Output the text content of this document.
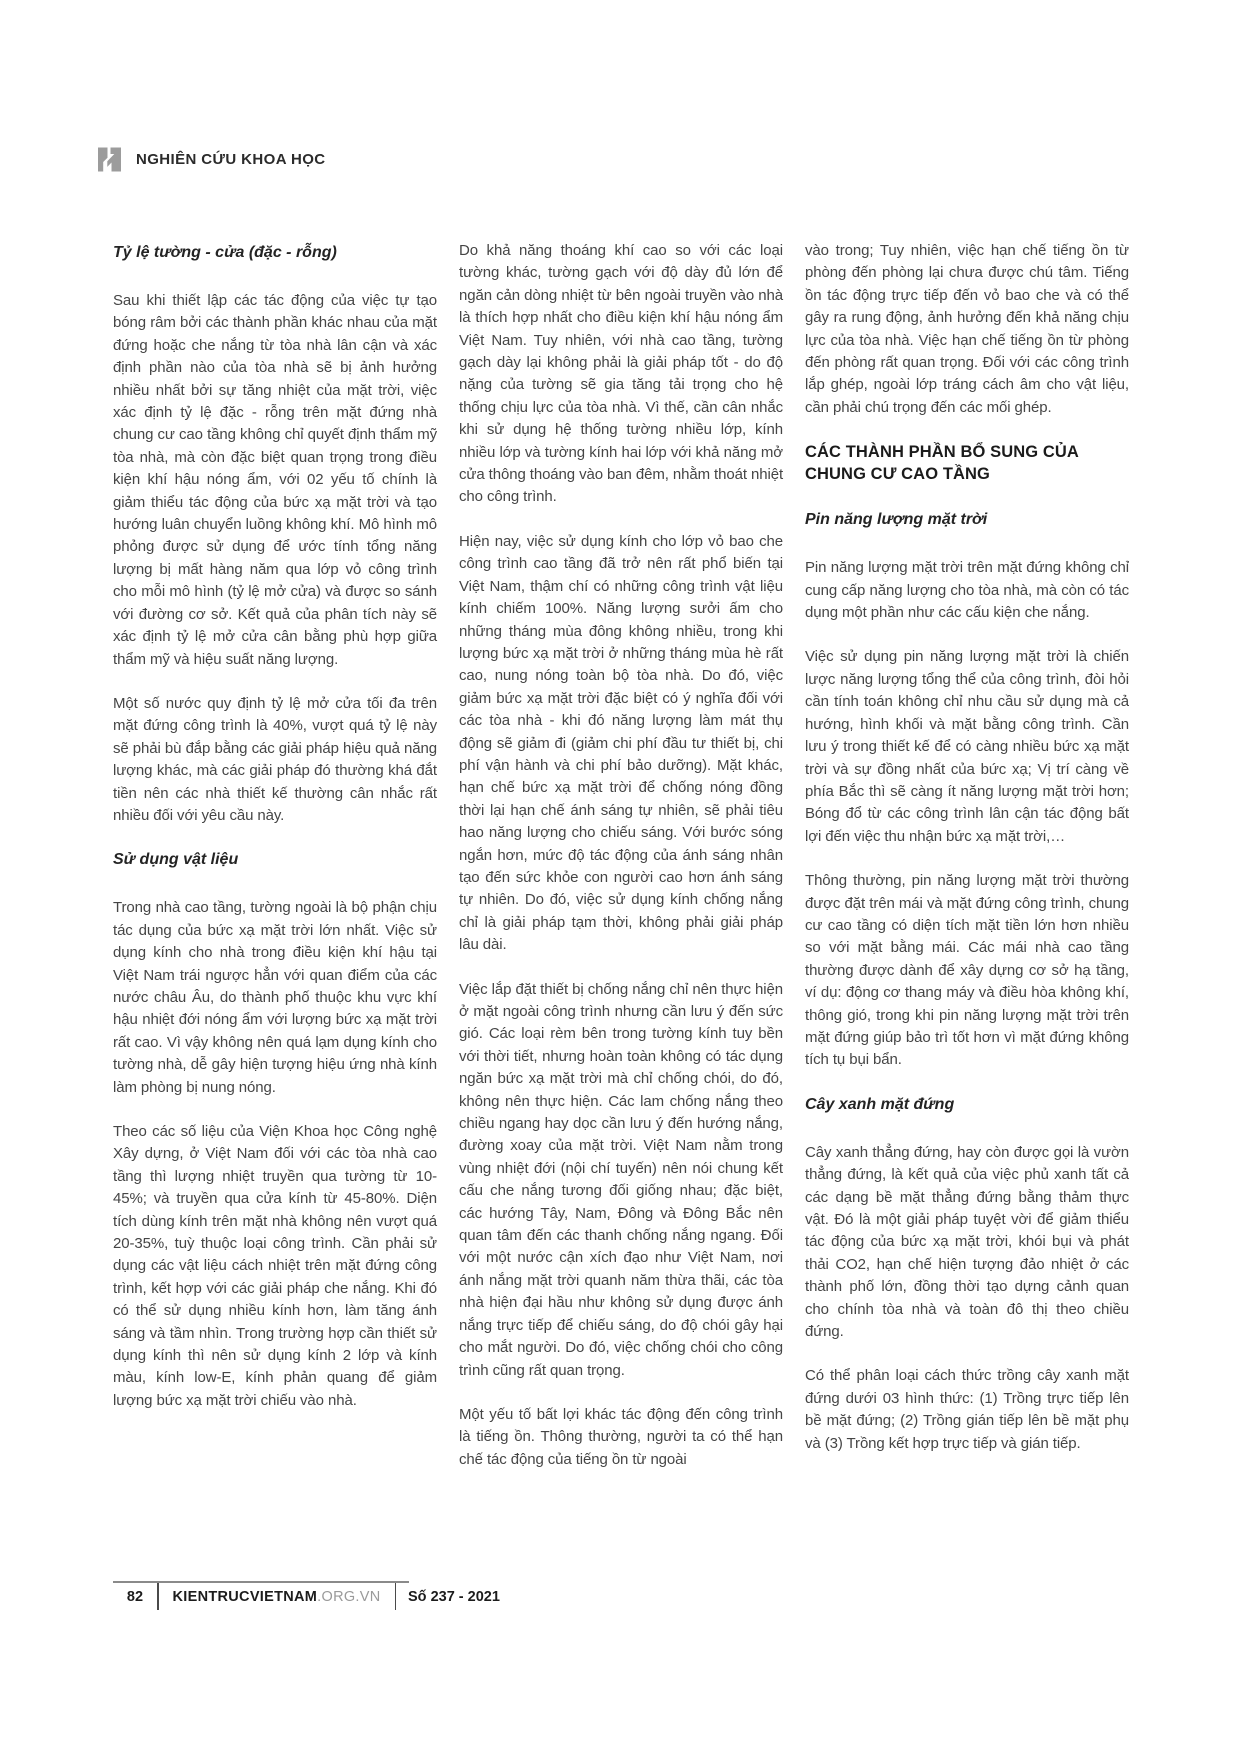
NGHIÊN CỨU KHOA HỌC
Tỷ lệ tường - cửa (đặc - rỗng)

Sau khi thiết lập các tác động của việc tự tạo bóng râm bởi các thành phần khác nhau của mặt đứng hoặc che nắng từ tòa nhà lân cận và xác định phần nào của tòa nhà sẽ bị ảnh hưởng nhiều nhất bởi sự tăng nhiệt của mặt trời, việc xác định tỷ lệ đặc - rỗng trên mặt đứng nhà chung cư cao tầng không chỉ quyết định thẩm mỹ tòa nhà, mà còn đặc biệt quan trọng trong điều kiện khí hậu nóng ẩm, với 02 yếu tố chính là giảm thiểu tác động của bức xạ mặt trời và tạo hướng luân chuyển luồng không khí. Mô hình mô phỏng được sử dụng để ước tính tổng năng lượng bị mất hàng năm qua lớp vỏ công trình cho mỗi mô hình (tỷ lệ mở cửa) và được so sánh với đường cơ sở. Kết quả của phân tích này sẽ xác định tỷ lệ mở cửa cân bằng phù hợp giữa thẩm mỹ và hiệu suất năng lượng.

Một số nước quy định tỷ lệ mở cửa tối đa trên mặt đứng công trình là 40%, vượt quá tỷ lệ này sẽ phải bù đắp bằng các giải pháp hiệu quả năng lượng khác, mà các giải pháp đó thường khá đắt tiền nên các nhà thiết kế thường cân nhắc rất nhiều đối với yêu cầu này.

Sử dụng vật liệu

Trong nhà cao tầng, tường ngoài là bộ phận chịu tác dụng của bức xạ mặt trời lớn nhất. Việc sử dụng kính cho nhà trong điều kiện khí hậu tại Việt Nam trái ngược hẳn với quan điểm của các nước châu Âu, do thành phố thuộc khu vực khí hậu nhiệt đới nóng ẩm với lượng bức xạ mặt trời rất cao. Vì vậy không nên quá lạm dụng kính cho tường nhà, dễ gây hiện tượng hiệu ứng nhà kính làm phòng bị nung nóng.

Theo các số liệu của Viện Khoa học Công nghệ Xây dựng, ở Việt Nam đối với các tòa nhà cao tầng thì lượng nhiệt truyền qua tường từ 10-45%; và truyền qua cửa kính từ 45-80%. Diện tích dùng kính trên mặt nhà không nên vượt quá 20-35%, tuỳ thuộc loại công trình. Cần phải sử dụng các vật liệu cách nhiệt trên mặt đứng công trình, kết hợp với các giải pháp che nắng. Khi đó có thể sử dụng nhiều kính hơn, làm tăng ánh sáng và tầm nhìn. Trong trường hợp cần thiết sử dụng kính thì nên sử dụng kính 2 lớp và kính màu, kính low-E, kính phản quang để giảm lượng bức xạ mặt trời chiếu vào nhà.

Do khả năng thoáng khí cao so với các loại tường khác, tường gạch với độ dày đủ lớn để ngăn cản dòng nhiệt từ bên ngoài truyền vào nhà là thích hợp nhất cho điều kiện khí hậu nóng ẩm Việt Nam. Tuy nhiên, với nhà cao tầng, tường gạch dày lại không phải là giải pháp tốt - do độ nặng của tường sẽ gia tăng tải trọng cho hệ thống chịu lực của tòa nhà. Vì thế, cần cân nhắc khi sử dụng hệ thống tường nhiều lớp, kính nhiều lớp và tường kính hai lớp với khả năng mở cửa thông thoáng vào ban đêm, nhằm thoát nhiệt cho công trình.

Hiện nay, việc sử dụng kính cho lớp vỏ bao che công trình cao tầng đã trở nên rất phổ biến tại Việt Nam, thậm chí có những công trình vật liệu kính chiếm 100%. Năng lượng sưởi ấm cho những tháng mùa đông không nhiều, trong khi lượng bức xạ mặt trời ở những tháng mùa hè rất cao, nung nóng toàn bộ tòa nhà. Do đó, việc giảm bức xạ mặt trời đặc biệt có ý nghĩa đối với các tòa nhà - khi đó năng lượng làm mát thụ động sẽ giảm đi (giảm chi phí đầu tư thiết bị, chi phí vận hành và chi phí bảo dưỡng). Mặt khác, hạn chế bức xạ mặt trời để chống nóng đồng thời lại hạn chế ánh sáng tự nhiên, sẽ phải tiêu hao năng lượng cho chiếu sáng. Với bước sóng ngắn hơn, mức độ tác động của ánh sáng nhân tạo đến sức khỏe con người cao hơn ánh sáng tự nhiên. Do đó, việc sử dụng kính chống nắng chỉ là giải pháp tạm thời, không phải giải pháp lâu dài.

Việc lắp đặt thiết bị chống nắng chỉ nên thực hiện ở mặt ngoài công trình nhưng cần lưu ý đến sức gió. Các loại rèm bên trong tường kính tuy bền với thời tiết, nhưng hoàn toàn không có tác dụng ngăn bức xạ mặt trời mà chỉ chống chói, do đó, không nên thực hiện. Các lam chống nắng theo chiều ngang hay dọc cần lưu ý đến hướng nắng, đường xoay của mặt trời. Việt Nam nằm trong vùng nhiệt đới (nội chí tuyến) nên nói chung kết cấu che nắng tương đối giống nhau; đặc biệt, các hướng Tây, Nam, Đông và Đông Bắc nên quan tâm đến các thanh chống nắng ngang. Đối với một nước cận xích đạo như Việt Nam, nơi ánh nắng mặt trời quanh năm thừa thãi, các tòa nhà hiện đại hầu như không sử dụng được ánh nắng trực tiếp để chiếu sáng, do độ chói gây hại cho mắt người. Do đó, việc chống chói cho công trình cũng rất quan trọng.

Một yếu tố bất lợi khác tác động đến công trình là tiếng ồn. Thông thường, người ta có thể hạn chế tác động của tiếng ồn từ ngoài

vào trong; Tuy nhiên, việc hạn chế tiếng ồn từ phòng đến phòng lại chưa được chú tâm. Tiếng ồn tác động trực tiếp đến vỏ bao che và có thể gây ra rung động, ảnh hưởng đến khả năng chịu lực của tòa nhà. Việc hạn chế tiếng ồn từ phòng đến phòng rất quan trọng. Đối với các công trình lắp ghép, ngoài lớp tráng cách âm cho vật liệu, cần phải chú trọng đến các mối ghép.

CÁC THÀNH PHẦN BỔ SUNG CỦA CHUNG CƯ CAO TẦNG
Pin năng lượng mặt trời

Pin năng lượng mặt trời trên mặt đứng không chỉ cung cấp năng lượng cho tòa nhà, mà còn có tác dụng một phần như các cấu kiện che nắng.

Việc sử dụng pin năng lượng mặt trời là chiến lược năng lượng tổng thể của công trình, đòi hỏi cần tính toán không chỉ nhu cầu sử dụng mà cả hướng, hình khối và mặt bằng công trình. Cần lưu ý trong thiết kế để có càng nhiều bức xạ mặt trời và sự đồng nhất của bức xạ; Vị trí càng về phía Bắc thì sẽ càng ít năng lượng mặt trời hơn; Bóng đổ từ các công trình lân cận tác động bất lợi đến việc thu nhận bức xạ mặt trời,…

Thông thường, pin năng lượng mặt trời thường được đặt trên mái và mặt đứng công trình, chung cư cao tầng có diện tích mặt tiền lớn hơn nhiều so với mặt bằng mái. Các mái nhà cao tầng thường được dành để xây dựng cơ sở hạ tầng, ví dụ: động cơ thang máy và điều hòa không khí, thông gió, trong khi pin năng lượng mặt trời trên mặt đứng giúp bảo trì tốt hơn vì mặt đứng không tích tụ bụi bẩn.

Cây xanh mặt đứng

Cây xanh thẳng đứng, hay còn được gọi là vườn thẳng đứng, là kết quả của việc phủ xanh tất cả các dạng bề mặt thẳng đứng bằng thảm thực vật. Đó là một giải pháp tuyệt vời để giảm thiểu tác động của bức xạ mặt trời, khói bụi và phát thải CO2, hạn chế hiện tượng đảo nhiệt ở các thành phố lớn, đồng thời tạo dựng cảnh quan cho chính tòa nhà và toàn đô thị theo chiều đứng.

Có thể phân loại cách thức trồng cây xanh mặt đứng dưới 03 hình thức: (1) Trồng trực tiếp lên bề mặt đứng; (2) Trồng gián tiếp lên bề mặt phụ và (3) Trồng kết hợp trực tiếp và gián tiếp.

82	KIENTRUCVIETNAM .ORG.VN	Số 237 - 2021
